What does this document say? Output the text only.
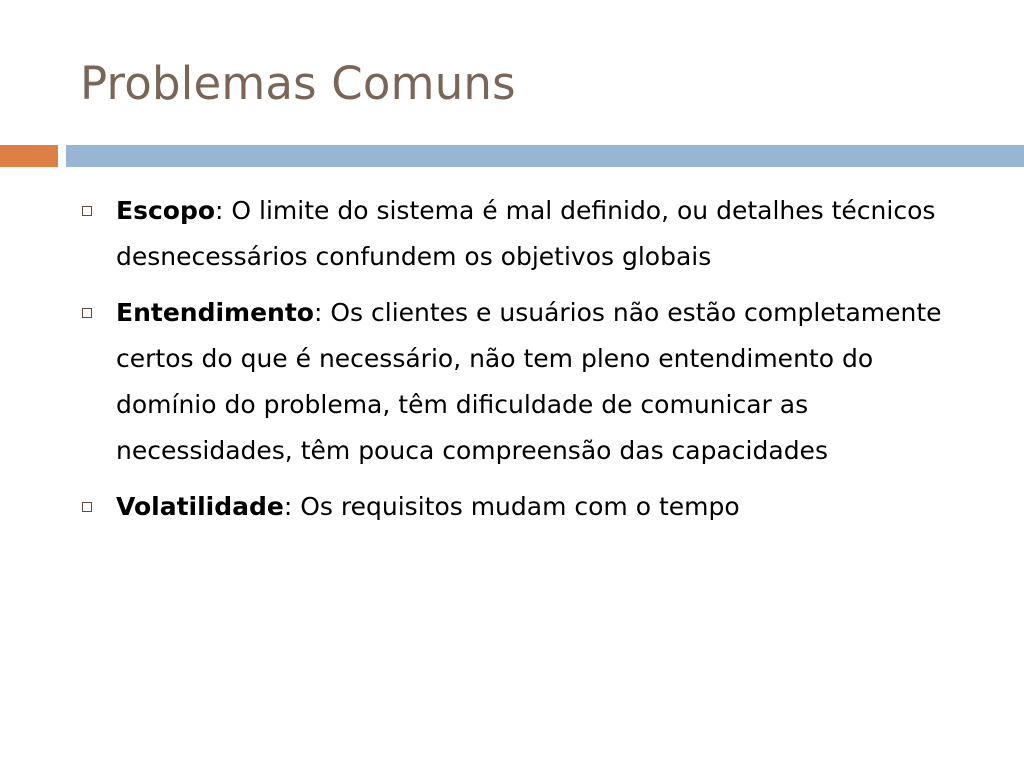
Problemas Comuns
Escopo: O limite do sistema é mal definido, ou detalhes técnicos desnecessários confundem os objetivos globais
Entendimento: Os clientes e usuários não estão completamente certos do que é necessário, não tem pleno entendimento do domínio do problema, têm dificuldade de comunicar as necessidades, têm pouca compreensão das capacidades
Volatilidade: Os requisitos mudam com o tempo
